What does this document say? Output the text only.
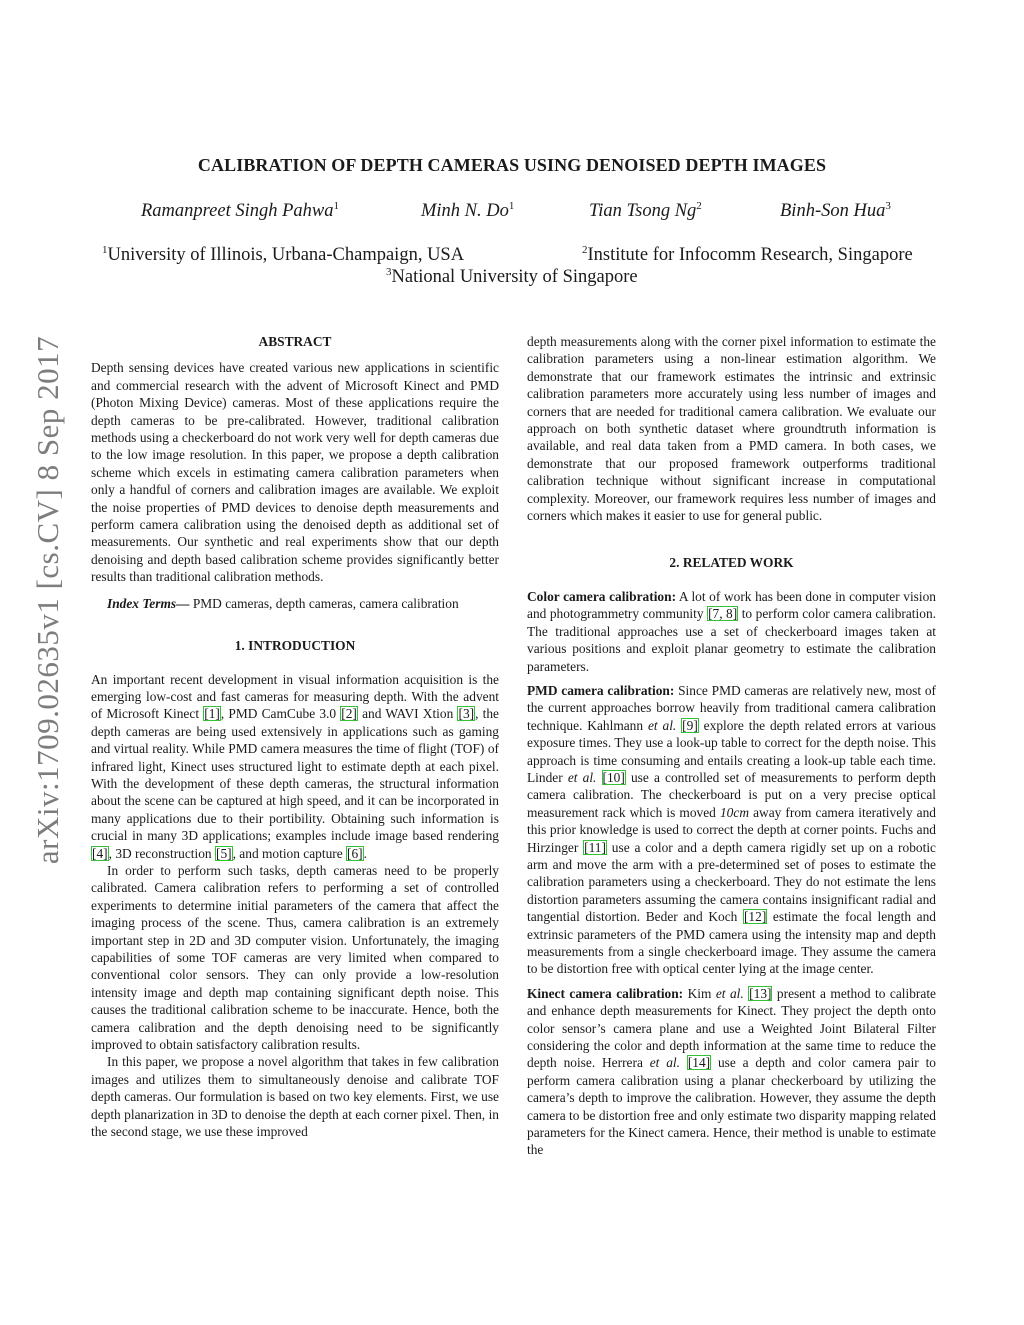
arXiv:1709.02635v1 [cs.CV] 8 Sep 2017
CALIBRATION OF DEPTH CAMERAS USING DENOISED DEPTH IMAGES
Ramanpreet Singh Pahwa$^1$	Minh N. Do$^1$	Tian Tsong Ng$^2$	Binh-Son Hua$^3$
$^1$University of Illinois, Urbana-Champaign, USA	$^2$Institute for Infocomm Research, Singapore
$^3$National University of Singapore

ABSTRACT

Depth sensing devices have created various new applications in scientific and commercial research with the advent of Microsoft Kinect and PMD (Photon Mixing Device) cameras. Most of these applications require the depth cameras to be pre-calibrated. However, traditional calibration methods using a checkerboard do not work very well for depth cameras due to the low image resolution. In this paper, we propose a depth calibration scheme which excels in estimating camera calibration parameters when only a handful of corners and calibration images are available. We exploit the noise properties of PMD devices to denoise depth measurements and perform camera calibration using the denoised depth as additional set of measurements. Our synthetic and real experiments show that our depth denoising and depth based calibration scheme provides significantly better results than traditional calibration methods.

Index Terms— PMD cameras, depth cameras, camera calibration

1. INTRODUCTION

An important recent development in visual information acquisition is the emerging low-cost and fast cameras for measuring depth. With the advent of Microsoft Kinect [1], PMD CamCube 3.0 [2] and WAVI Xtion [3], the depth cameras are being used extensively in applications such as gaming and virtual reality. While PMD camera measures the time of flight (TOF) of infrared light, Kinect uses structured light to estimate depth at each pixel. With the development of these depth cameras, the structural information about the scene can be captured at high speed, and it can be incorporated in many applications due to their portibility. Obtaining such information is crucial in many 3D applications; examples include image based rendering [4], 3D reconstruction [5], and motion capture [6].

In order to perform such tasks, depth cameras need to be properly calibrated. Camera calibration refers to performing a set of controlled experiments to determine initial parameters of the camera that affect the imaging process of the scene. Thus, camera calibration is an extremely important step in 2D and 3D computer vision. Unfortunately, the imaging capabilities of some TOF cameras are very limited when compared to conventional color sensors. They can only provide a low-resolution intensity image and depth map containing significant depth noise. This causes the traditional calibration scheme to be inaccurate. Hence, both the camera calibration and the depth denoising need to be significantly improved to obtain satisfactory calibration results.

In this paper, we propose a novel algorithm that takes in few calibration images and utilizes them to simultaneously denoise and calibrate TOF depth cameras. Our formulation is based on two key elements. First, we use depth planarization in 3D to denoise the depth at each corner pixel. Then, in the second stage, we use these improved

depth measurements along with the corner pixel information to estimate the calibration parameters using a non-linear estimation algorithm. We demonstrate that our framework estimates the intrinsic and extrinsic calibration parameters more accurately using less number of images and corners that are needed for traditional camera calibration. We evaluate our approach on both synthetic dataset where groundtruth information is available, and real data taken from a PMD camera. In both cases, we demonstrate that our proposed framework outperforms traditional calibration technique without significant increase in computational complexity. Moreover, our framework requires less number of images and corners which makes it easier to use for general public.

2. RELATED WORK

Color camera calibration: A lot of work has been done in computer vision and photogrammetry community [7, 8] to perform color camera calibration. The traditional approaches use a set of checkerboard images taken at various positions and exploit planar geometry to estimate the calibration parameters.

PMD camera calibration: Since PMD cameras are relatively new, most of the current approaches borrow heavily from traditional camera calibration technique. Kahlmann et al. [9] explore the depth related errors at various exposure times. They use a look-up table to correct for the depth noise. This approach is time consuming and entails creating a look-up table each time. Linder et al. [10] use a controlled set of measurements to perform depth camera calibration. The checkerboard is put on a very precise optical measurement rack which is moved 10cm away from camera iteratively and this prior knowledge is used to correct the depth at corner points. Fuchs and Hirzinger [11] use a color and a depth camera rigidly set up on a robotic arm and move the arm with a pre-determined set of poses to estimate the calibration parameters using a checkerboard. They do not estimate the lens distortion parameters assuming the camera contains insignificant radial and tangential distortion. Beder and Koch [12] estimate the focal length and extrinsic parameters of the PMD camera using the intensity map and depth measurements from a single checkerboard image. They assume the camera to be distortion free with optical center lying at the image center.

Kinect camera calibration: Kim et al. [13] present a method to calibrate and enhance depth measurements for Kinect. They project the depth onto color sensor’s camera plane and use a Weighted Joint Bilateral Filter considering the color and depth information at the same time to reduce the depth noise. Herrera et al. [14] use a depth and color camera pair to perform camera calibration using a planar checkerboard by utilizing the camera’s depth to improve the calibration. However, they assume the depth camera to be distortion free and only estimate two disparity mapping related parameters for the Kinect camera. Hence, their method is unable to estimate the
